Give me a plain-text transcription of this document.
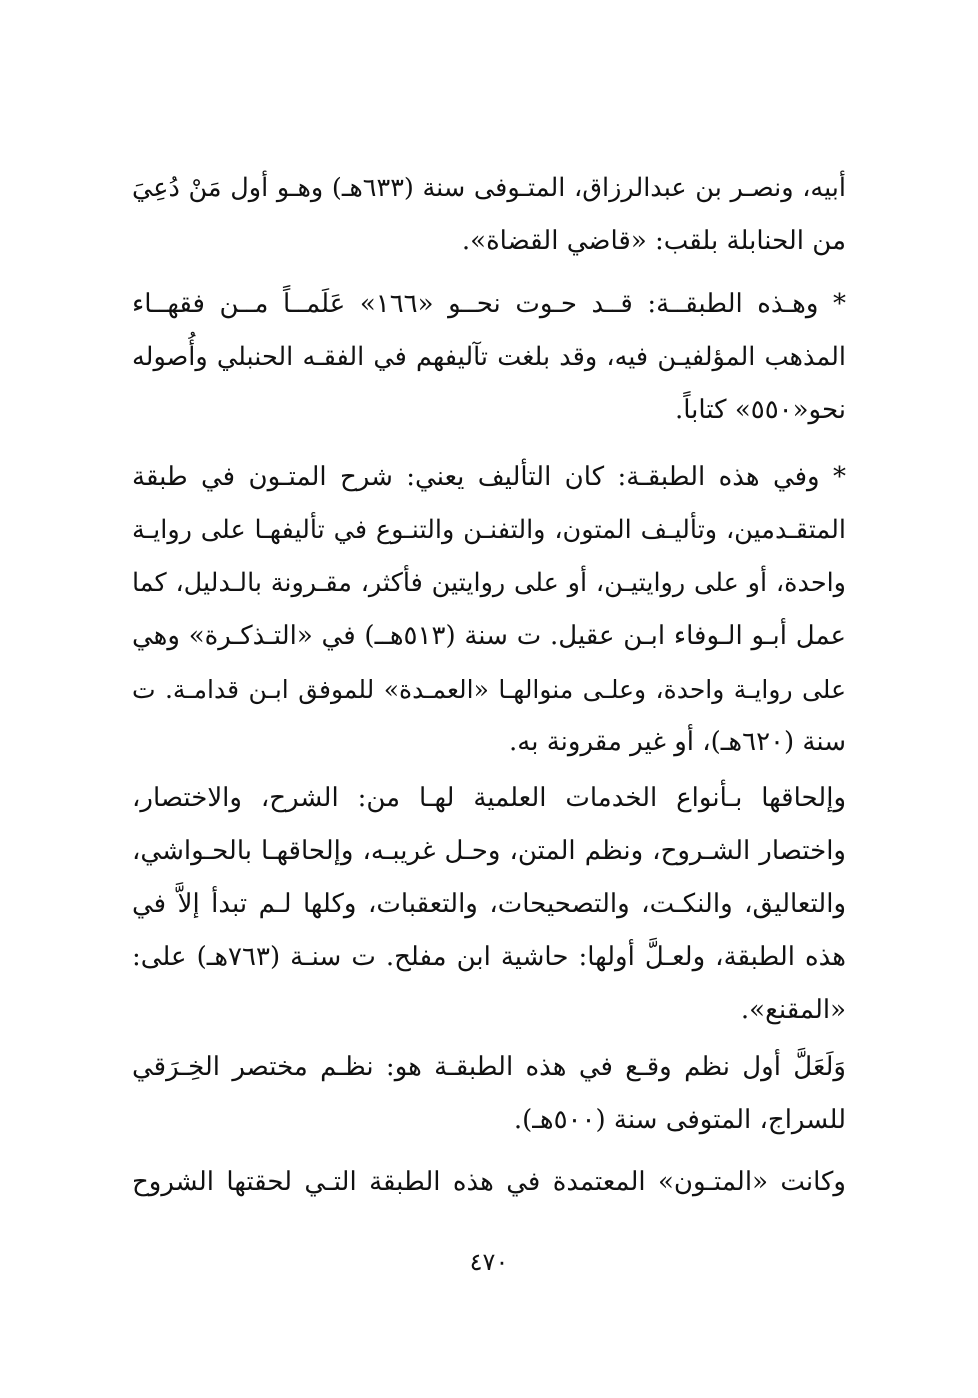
أبيه، ونصـر بن عبدالرزاق، المتـوفى سنة (٦٣٣هـ) وهـو أول مَنْ دُعِيَ
من الحنابلة بلقب: «قاضي القضاة».
* وهـذه الطبقــة: قــد حـوت نحــو «١٦٦» عَلَمــاً مــن فقهــاء
المذهب المؤلفيـن فيه، وقد بلغت تآليفهم في الفقـه الحنبلي وأُصوله
نحو«٥٥٠» كتاباً.
* وفي هذه الطبقـة: كان التأليف يعني: شرح المتـون في طبقة
المتقـدمين، وتأليـف المتون، والتفنـن والتنـوع في تأليفهـا على روايـة
واحدة، أو على روايتيـن، أو على روايتين فأكثر، مقـرونة بالـدليل، كما
عمل أبـو الـوفاء ابـن عقيل. ت سنة (٥١٣هــ) في «التـذكـرة» وهي
على روايـة واحدة، وعلـى منوالهـا «العمـدة» للموفق ابـن قدامـة. ت
سنة (٦٢٠هـ)، أو غير مقرونة به.
وإلحاقها بـأنواع الخدمات العلمية لهـا من: الشرح، والاختصار،
واختصار الشـروح، ونظم المتن، وحـل غريبـه، وإلحاقهـا بالحـواشي،
والتعاليق، والنكـت، والتصحيحات، والتعقبات، وكلها لـم تبدأ إلاَّ في
هذه الطبقة، ولعـلَّ أولها: حاشية ابن مفلح. ت سنـة (٧٦٣هـ) على:
«المقنع».
وَلَعَلَّ أول نظم وقـع في هذه الطبقـة هو: نظـم مختصر الخِـرَقي
للسراج، المتوفى سنة (٥٠٠هـ).
وكانت «المتـون» المعتمدة في هذه الطبقة التـي لحقتها الشروح
٤٧٠
